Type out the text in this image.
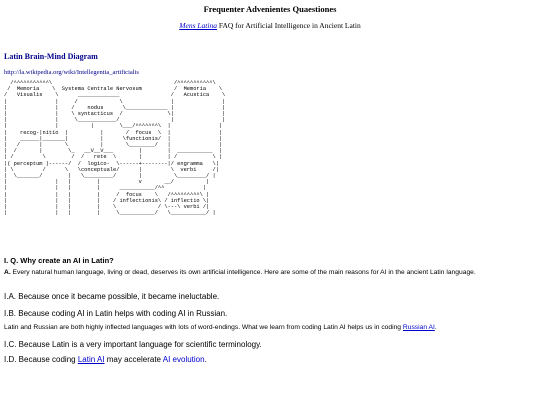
Frequenter Advenientes Quaestiones
Mens Latina FAQ for Artificial Intelligence in Ancient Latin
Latin Brain-Mind Diagram
http://la.wikipedia.org/wiki/Intellegentia_artificialis
/^^^^^^^^^^^\                                      /^^^^^^^^^^^\
/  Memoria    \  Systema Centrale Nervosum          /  Memoria    \
/   Visualis    \      _____________                /   Acustica    \
|               |     /             \               |               |
|               |    /    nodus      \_____________ |               |
|               |    \ syntacticus  /              \|               |
|               |     \____________/                |               |
|               |          |        \___/^^^^^^^\  |               |
|    recog-|nitio  |          |       /  focus  \  |               |
|    ______|_______|          |      \functionis/  |               |
|   /      |       \          |       \________/   |               |
|  /       |        \_   __V__V___        |        |  ___________  |
| /         \        /  /   rete  \       |        | /           \ |
|( perceptum )------/  /  logico-  \------+--------|/ engramma   \|
| \         /      \   \conceptuale/      |         \  verbi     /|
|  \_______/        |   \_________/       |          \_________/ |
|               |   |        |            v       __/          |
|               |   |        |      ___________/^^            |
|               |   |        |     /  focus    \   /^^^^^^^^^\ |
|               |   |        |    / inflectionis\ / inflectio \|
|               |   |        |    \             / \---\ verbi /|
|               |   |        |     \___________/   \___________/ |
I. Q. Why create an AI in Latin?
A. Every natural human language, living or dead, deserves its own artificial intelligence. Here are some of the main reasons for AI in the ancient Latin language.
I.A. Because once it became possible, it became ineluctable.
I.B. Because coding AI in Latin helps with coding AI in Russian.
Latin and Russian are both highly inflected languages with lots of word-endings. What we learn from coding Latin AI helps us in coding Russian AI.
I.C. Because Latin is a very important language for scientific terminology.
I.D. Because coding Latin AI may accelerate AI evolution.
